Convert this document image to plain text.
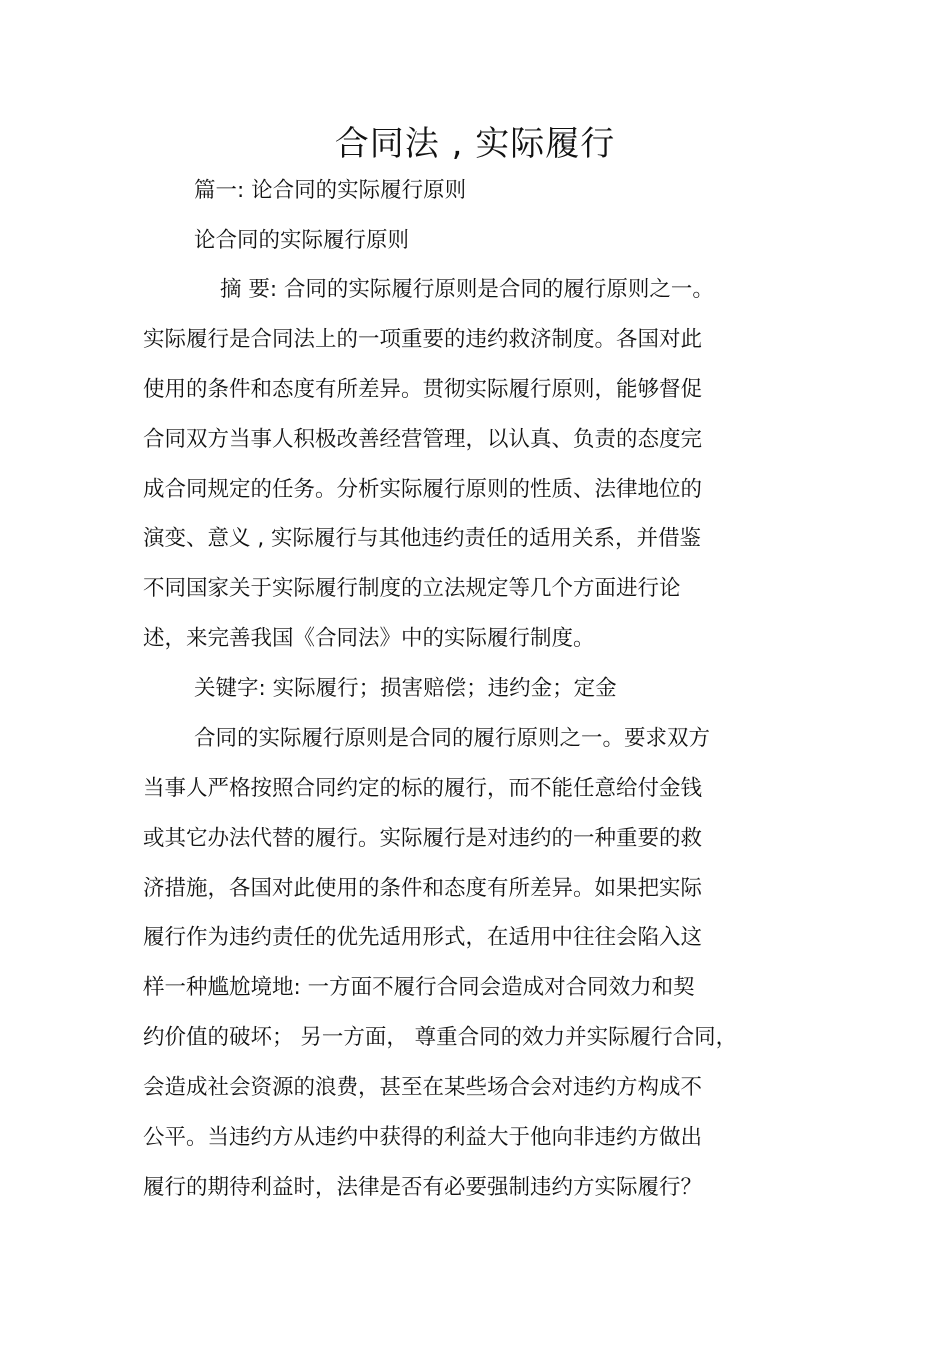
合同法 , 实际履行
篇一: 论合同的实际履行原则
论合同的实际履行原则
摘 要: 合同的实际履行原则是合同的履行原则之一。
实际履行是合同法上的一项重要的违约救济制度。各国对此
使用的条件和态度有所差异。贯彻实际履行原则，能够督促
合同双方当事人积极改善经营管理，以认真、负责的态度完
成合同规定的任务。分析实际履行原则的性质、法律地位的
演变、意义 , 实际履行与其他违约责任的适用关系，并借鉴
不同国家关于实际履行制度的立法规定等几个方面进行论
述，来完善我国《合同法》中的实际履行制度。
关键字: 实际履行；损害赔偿；违约金；定金
合同的实际履行原则是合同的履行原则之一。要求双方
当事人严格按照合同约定的标的履行，而不能任意给付金钱
或其它办法代替的履行。实际履行是对违约的一种重要的救
济措施，各国对此使用的条件和态度有所差异。如果把实际
履行作为违约责任的优先适用形式，在适用中往往会陷入这
样一种尴尬境地: 一方面不履行合同会造成对合同效力和契
约价值的破坏； 另一方面， 尊重合同的效力并实际履行合同，
会造成社会资源的浪费，甚至在某些场合会对违约方构成不
公平。当违约方从违约中获得的利益大于他向非违约方做出
履行的期待利益时，法律是否有必要强制违约方实际履行？
